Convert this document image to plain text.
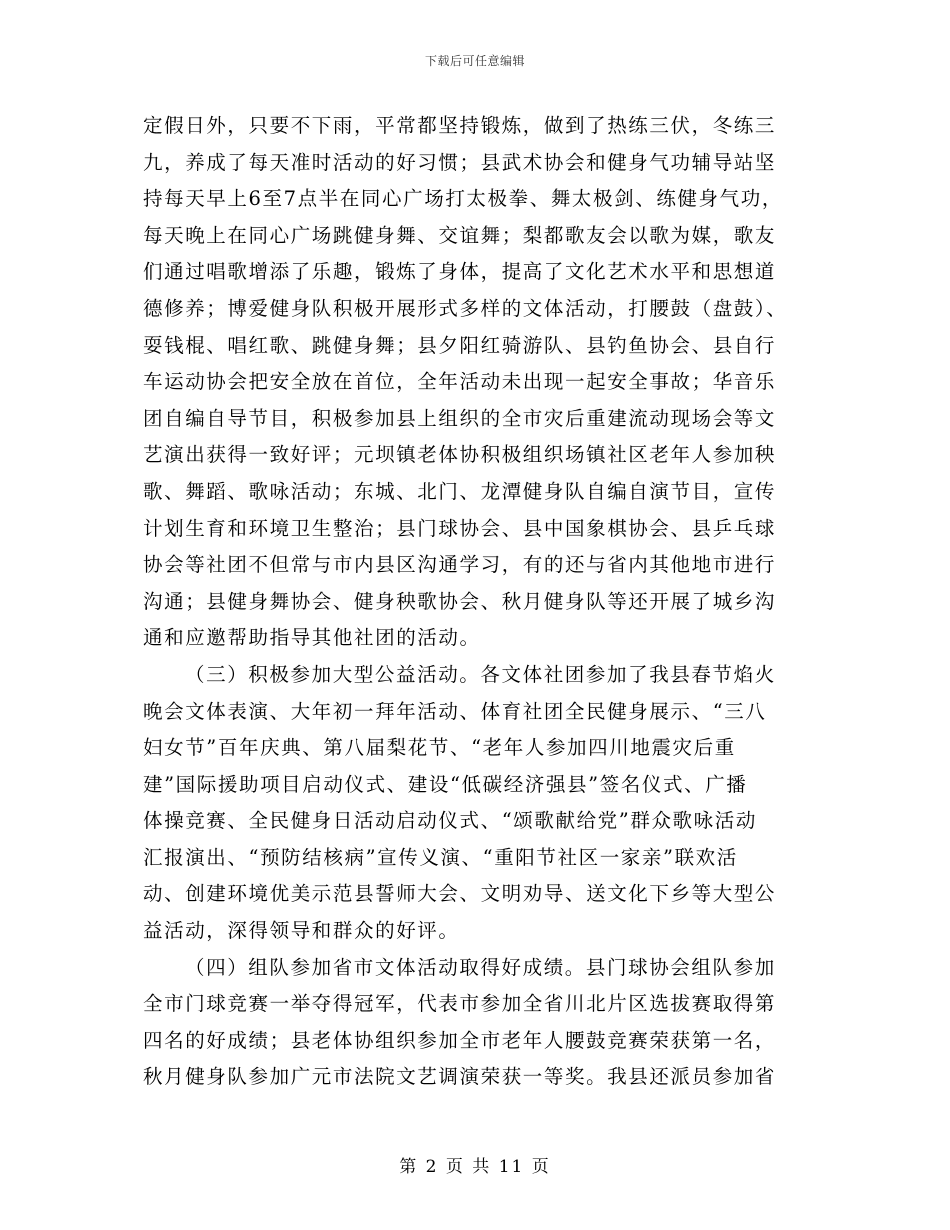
下载后可任意编辑
定假日外，只要不下雨，平常都坚持锻炼，做到了热练三伏，冬练三
九，养成了每天准时活动的好习惯；县武术协会和健身气功辅导站坚
持每天早上6至7点半在同心广场打太极拳、舞太极剑、练健身气功，
每天晚上在同心广场跳健身舞、交谊舞；梨都歌友会以歌为媒，歌友
们通过唱歌增添了乐趣，锻炼了身体，提高了文化艺术水平和思想道
德修养；博爱健身队积极开展形式多样的文体活动，打腰鼓（盘鼓）、
耍钱棍、唱红歌、跳健身舞；县夕阳红骑游队、县钓鱼协会、县自行
车运动协会把安全放在首位，全年活动未出现一起安全事故；华音乐
团自编自导节目，积极参加县上组织的全市灾后重建流动现场会等文
艺演出获得一致好评；元坝镇老体协积极组织场镇社区老年人参加秧
歌、舞蹈、歌咏活动；东城、北门、龙潭健身队自编自演节目，宣传
计划生育和环境卫生整治；县门球协会、县中国象棋协会、县乒乓球
协会等社团不但常与市内县区沟通学习，有的还与省内其他地市进行
沟通；县健身舞协会、健身秧歌协会、秋月健身队等还开展了城乡沟
通和应邀帮助指导其他社团的活动。
（三）积极参加大型公益活动。各文体社团参加了我县春节焰火
晚会文体表演、大年初一拜年活动、体育社团全民健身展示、“三八
妇女节”百年庆典、第八届梨花节、“老年人参加四川地震灾后重
建”国际援助项目启动仪式、建设“低碳经济强县”签名仪式、广播
体操竞赛、全民健身日活动启动仪式、“颂歌献给党”群众歌咏活动
汇报演出、“预防结核病”宣传义演、“重阳节社区一家亲”联欢活
动、创建环境优美示范县誓师大会、文明劝导、送文化下乡等大型公
益活动，深得领导和群众的好评。
（四）组队参加省市文体活动取得好成绩。县门球协会组队参加
全市门球竞赛一举夺得冠军，代表市参加全省川北片区选拔赛取得第
四名的好成绩；县老体协组织参加全市老年人腰鼓竞赛荣获第一名，
秋月健身队参加广元市法院文艺调演荣获一等奖。我县还派员参加省
第 2 页 共 11 页
